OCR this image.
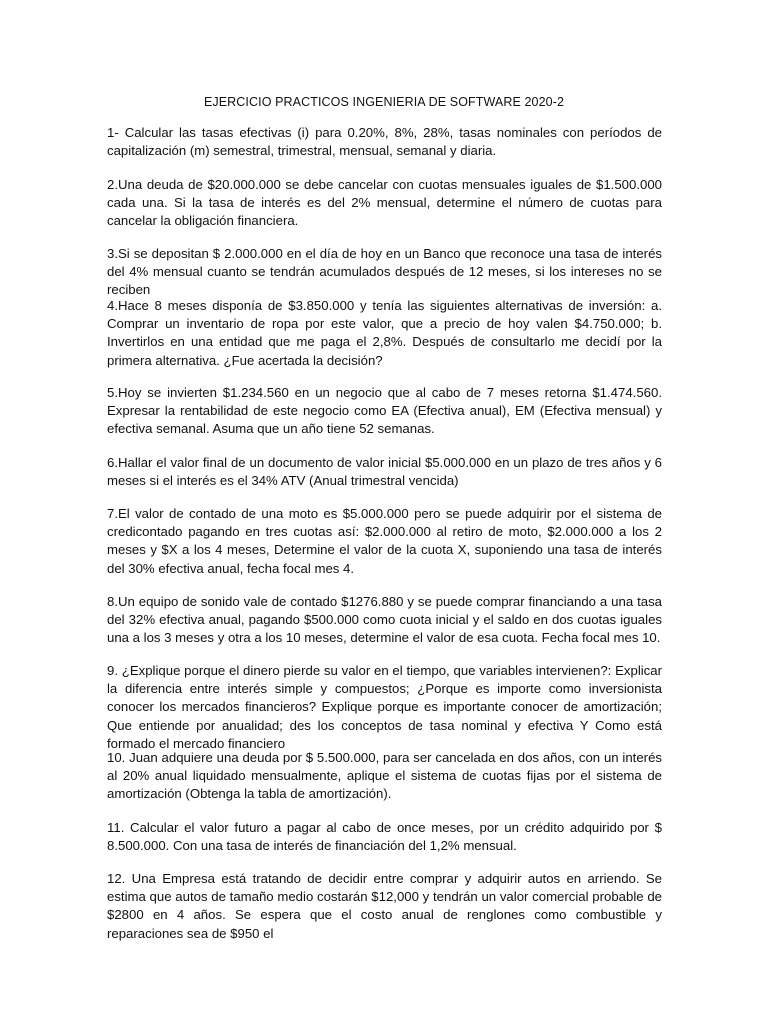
EJERCICIO PRACTICOS INGENIERIA DE SOFTWARE 2020-2

1- Calcular las tasas efectivas (i) para 0.20%, 8%, 28%, tasas nominales con períodos de capitalización (m) semestral, trimestral, mensual, semanal y diaria.

2.Una deuda de $20.000.000 se debe cancelar con cuotas mensuales iguales de $1.500.000 cada una. Si la tasa de interés es del 2% mensual, determine el número de cuotas para cancelar la obligación financiera.

3.Si se depositan $ 2.000.000 en el día de hoy en un Banco que reconoce una tasa de interés del 4% mensual cuanto se tendrán acumulados después de 12 meses, si los intereses no se reciben

4.Hace 8 meses disponía de $3.850.000 y tenía las siguientes alternativas de inversión: a. Comprar un inventario de ropa por este valor, que a precio de hoy valen $4.750.000; b. Invertirlos en una entidad que me paga el 2,8%. Después de consultarlo me decidí por la primera alternativa. ¿Fue acertada la decisión?

5.Hoy se invierten $1.234.560 en un negocio que al cabo de 7 meses retorna $1.474.560. Expresar la rentabilidad de este negocio como EA (Efectiva anual), EM (Efectiva mensual) y efectiva semanal. Asuma que un año tiene 52 semanas.

6.Hallar el valor final de un documento de valor inicial $5.000.000 en un plazo de tres años y 6 meses si el interés es el 34% ATV (Anual trimestral vencida)

7.El valor de contado de una moto es $5.000.000 pero se puede adquirir por el sistema de credicontado pagando en tres cuotas así: $2.000.000 al retiro de moto, $2.000.000 a los 2 meses y $X a los 4 meses, Determine el valor de la cuota X, suponiendo una tasa de interés del 30% efectiva anual, fecha focal mes 4.

8.Un equipo de sonido vale de contado $1276.880 y se puede comprar financiando a una tasa del 32% efectiva anual, pagando $500.000 como cuota inicial y el saldo en dos cuotas iguales una a los 3 meses y otra a los 10 meses, determine el valor de esa cuota. Fecha focal mes 10.

9. ¿Explique porque el dinero pierde su valor en el tiempo, que variables intervienen?: Explicar la diferencia entre interés simple y compuestos; ¿Porque es importe como inversionista conocer los mercados financieros? Explique porque es importante conocer de amortización; Que entiende por anualidad; des los conceptos de tasa nominal y efectiva Y Como está formado el mercado financiero

10. Juan adquiere una deuda por $ 5.500.000, para ser cancelada en dos años, con un interés al 20% anual liquidado mensualmente, aplique el sistema de cuotas fijas por el sistema de amortización (Obtenga la tabla de amortización).

11. Calcular el valor futuro a pagar al cabo de once meses, por un crédito adquirido por $ 8.500.000. Con una tasa de interés de financiación del 1,2% mensual.

12. Una Empresa está tratando de decidir entre comprar y adquirir autos en arriendo. Se estima que autos de tamaño medio costarán $12,000 y tendrán un valor comercial probable de $2800 en 4 años. Se espera que el costo anual de renglones como combustible y reparaciones sea de $950 el
